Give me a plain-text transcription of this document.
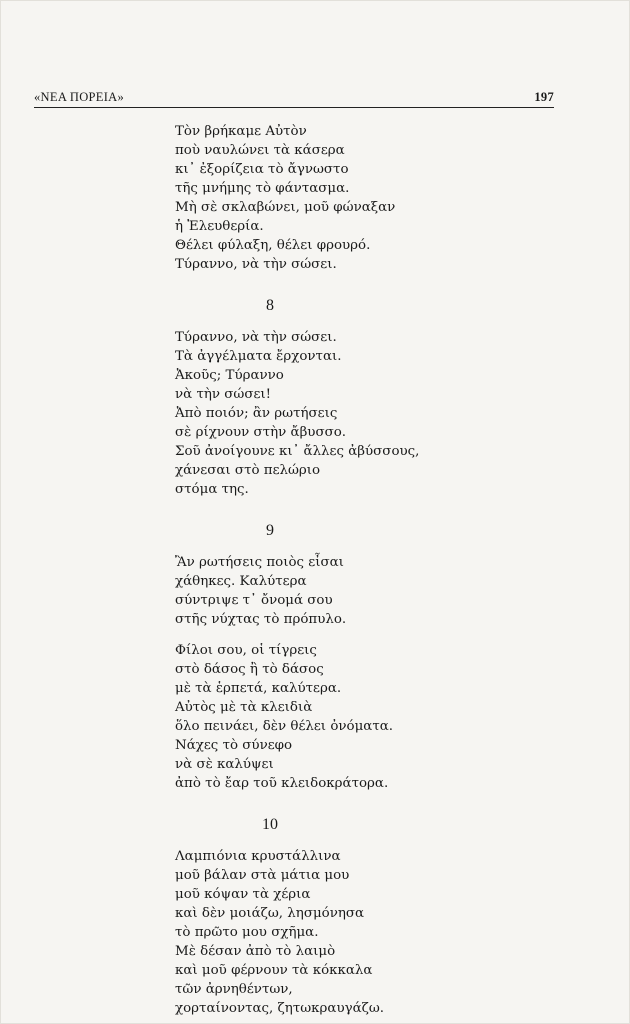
«ΝΕΑ ΠΟΡΕΙΑ»	197
Τὸν βρήκαμε Αὐτὸν
ποὺ ναυλώνει τὰ κάσερα
κι᾽ ἐξορίζεια τὸ ἄγνωστο
τῆς μνήμης τὸ φάντασμα.
Μὴ σὲ σκλαβώνει, μοῦ φώναξαν
ἡ Ἐλευθερία.
Θέλει φύλαξη, θέλει φρουρό.
Τύραννο, νὰ τὴν σώσει.
8
Τύραννο, νὰ τὴν σώσει.
Τὰ ἀγγέλματα ἔρχονται.
Ἀκοῦς; Τύραννο
νὰ τὴν σώσει!
Ἀπὸ ποιόν; ἂν ρωτήσεις
σὲ ρίχνουν στὴν ἄβυσσο.
Σοῦ ἀνοίγουνε κι᾽ ἄλλες ἀβύσσους,
χάνεσαι στὸ πελώριο
στόμα της.
9
Ἂν ρωτήσεις ποιὸς εἶσαι
χάθηκες. Καλύτερα
σύντριψε τ᾽ ὄνομά σου
στῆς νύχτας τὸ πρόπυλο.
Φίλοι σου, οἱ τίγρεις
στὸ δάσος ἢ τὸ δάσος
μὲ τὰ ἑρπετά, καλύτερα.
Αὐτὸς μὲ τὰ κλειδιὰ
ὅλο πεινάει, δὲν θέλει ὀνόματα.
Νάχες τὸ σύνεφο
νὰ σὲ καλύψει
ἀπὸ τὸ ἔαρ τοῦ κλειδοκράτορα.
10
Λαμπιόνια κρυστάλλινα
μοῦ βάλαν στὰ μάτια μου
μοῦ κόψαν τὰ χέρια
καὶ δὲν μοιάζω, λησμόνησα
τὸ πρῶτο μου σχῆμα.
Μὲ δέσαν ἀπὸ τὸ λαιμὸ
καὶ μοῦ φέρνουν τὰ κόκκαλα
τῶν ἀρνηθέντων,
χορταίνοντας, ζητωκραυγάζω.
